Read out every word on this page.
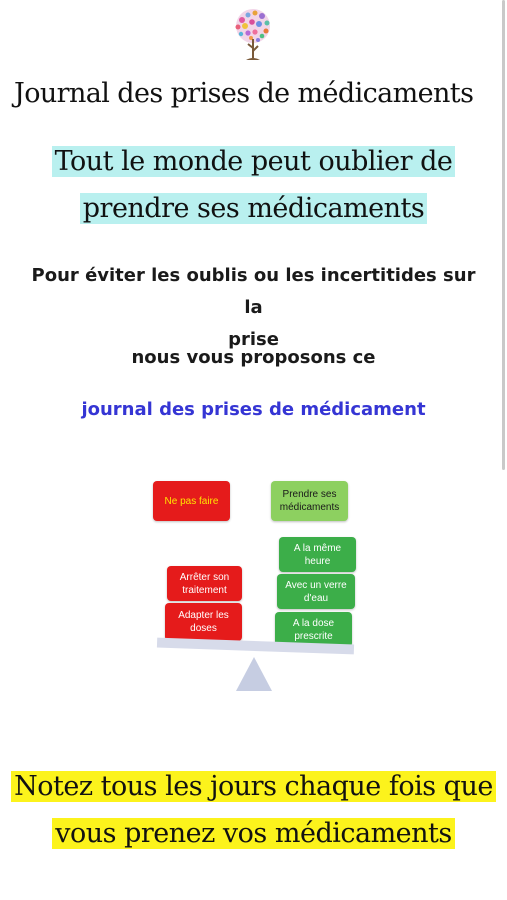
Journal des prises de médicaments
Tout le monde peut oublier de
prendre ses médicaments
Pour éviter les oublis ou les incertitides sur la
prise
nous vous proposons ce
journal des prises de médicament
Ne pas faire
Prendre ses médicaments
A la même heure
Avec un verre d'eau
A la dose prescrite
Arrêter son traitement
Adapter les doses
Notez tous les jours chaque fois que
vous prenez vos médicaments
